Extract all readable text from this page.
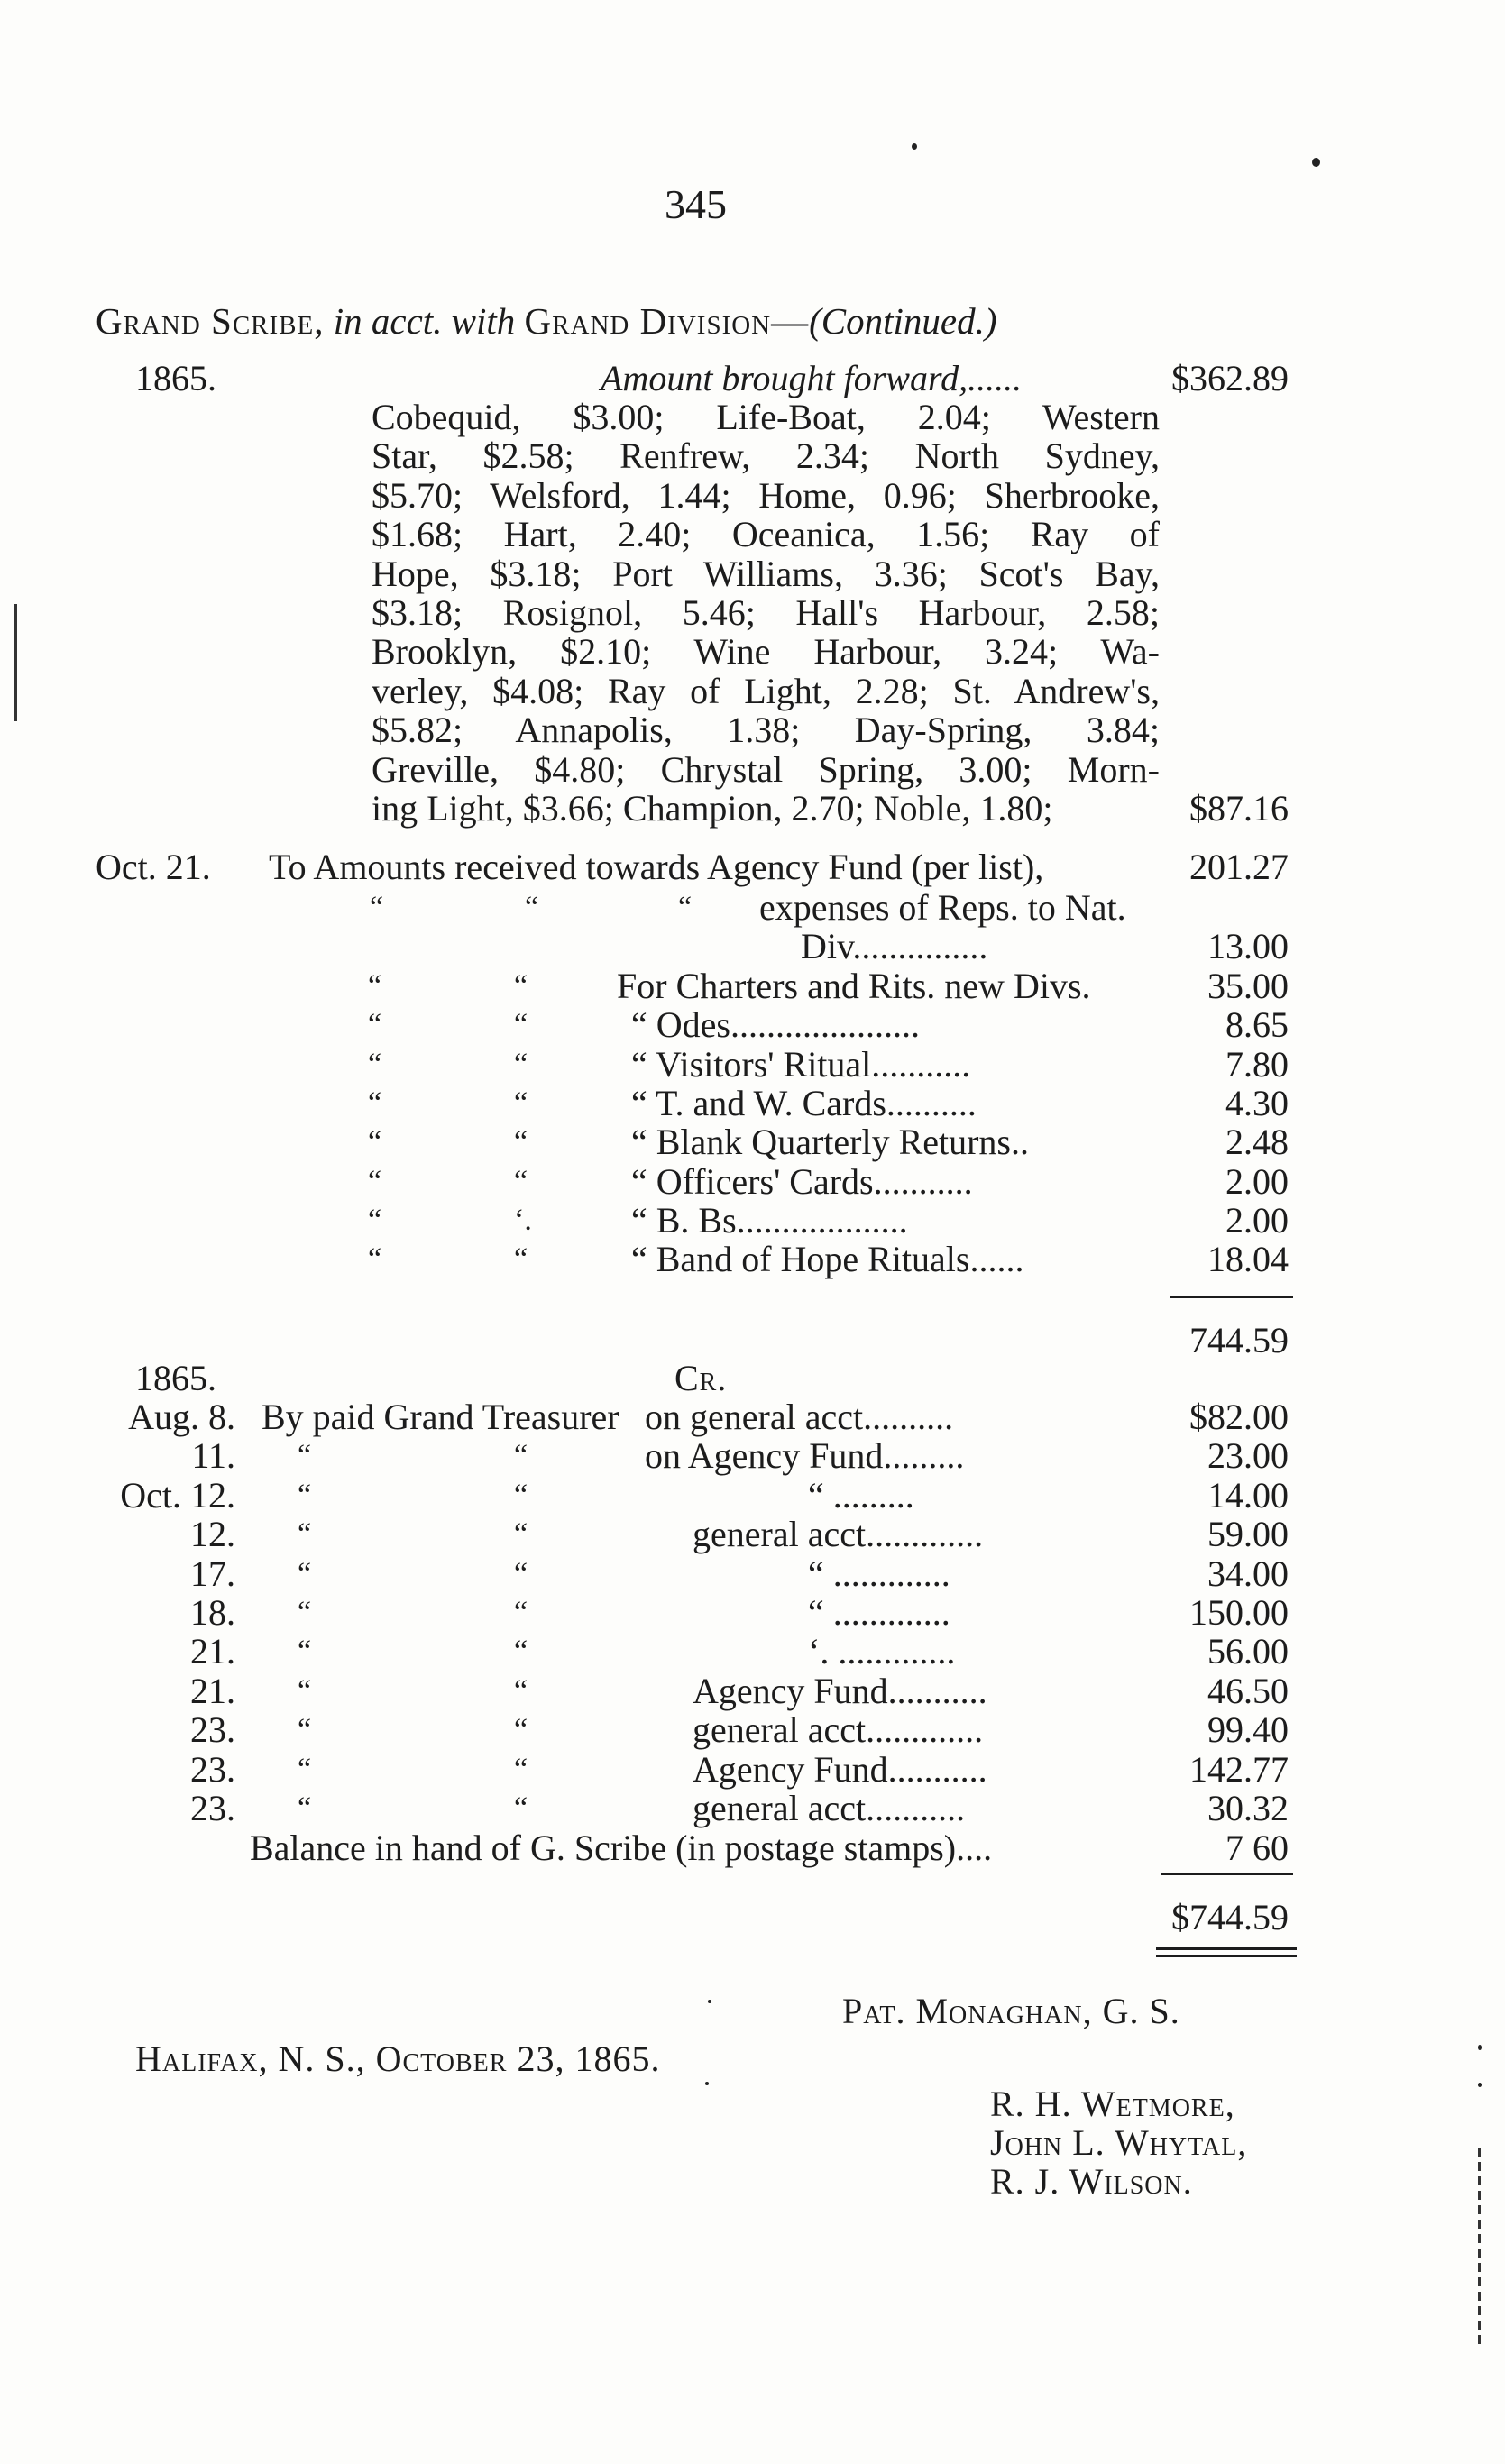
345
Grand Scribe, in acct. with Grand Division—(Continued.)
1865.	Amount brought forward,......	$362.89
Cobequid, $3.00; Life-Boat, 2.04; Western
Star, $2.58; Renfrew, 2.34; North Sydney,
$5.70; Welsford, 1.44; Home, 0.96; Sherbrooke,
$1.68; Hart, 2.40; Oceanica, 1.56; Ray of
Hope, $3.18; Port Williams, 3.36; Scot's Bay,
$3.18; Rosignol, 5.46; Hall's Harbour, 2.58;
Brooklyn, $2.10; Wine Harbour, 3.24; Wa-
verley, $4.08; Ray of Light, 2.28; St. Andrew's,
$5.82; Annapolis, 1.38; Day-Spring, 3.84;
Greville, $4.80; Chrystal Spring, 3.00; Morn-
ing Light, $3.66; Champion, 2.70; Noble, 1.80;	$87.16
Oct. 21. To Amounts received towards Agency Fund (per list),	201.27
“	“	“ expenses of Reps. to Nat.
Div...............	13.00
“	“ For Charters and Rits. new Divs.	35.00
“	“	“ Odes.....................	8.65
“	“	“ Visitors' Ritual...........	7.80
“	“	“ T. and W. Cards..........	4.30
“	“	“ Blank Quarterly Returns..	2.48
“	“	“ Officers' Cards...........	2.00
“	‘.	“ B. Bs...................	2.00
“	“	“ Band of Hope Rituals......	18.04
744.59
1865.	Cr.
Aug. 8. By paid Grand Treasurer on general acct..........	$82.00
11. “	“	on Agency Fund.........	23.00
Oct. 12. “	“	“ .........	14.00
12. “	“	general acct.............	59.00
17. “	“	“ .............	34.00
18. “	“	“ .............	150.00
21. “	“	‘. .............	56.00
21. “	“	Agency Fund...........	46.50
23. “	“	general acct.............	99.40
23. “	“	Agency Fund...........	142.77
23. “	“	general acct...........	30.32
Balance in hand of G. Scribe (in postage stamps)....	7 60
$744.59
Pat. Monaghan, G. S.
Halifax, N. S., October 23, 1865.
R. H. Wetmore,
John L. Whytal,
R. J. Wilson.
